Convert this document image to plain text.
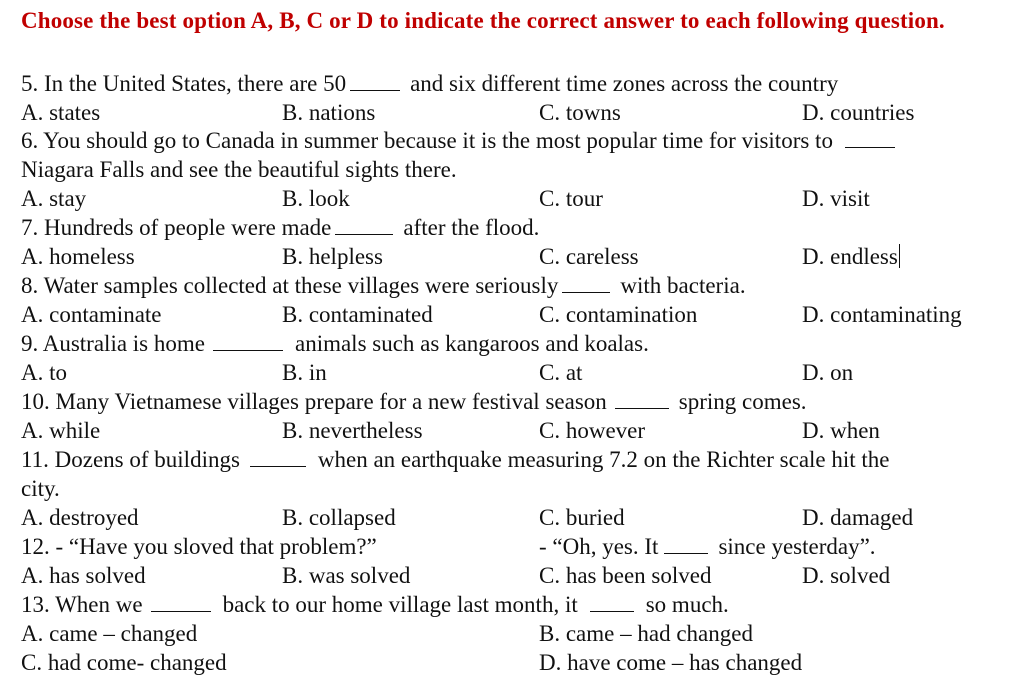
Choose the best option A, B, C or D to indicate the correct answer to each following question.
5. In the United States, there are 50	and six different time zones across the country
A. states	B. nations	C. towns	D. countries
6. You should go to Canada in summer because it is the most popular time for visitors to
Niagara Falls and see the beautiful sights there.
A. stay	B. look	C. tour	D. visit
7. Hundreds of people were made	after the flood.
A. homeless	B. helpless	C. careless	D. endless
8. Water samples collected at these villages were seriously	with bacteria.
A. contaminate	B. contaminated	C. contamination	D. contaminating
9. Australia is home	animals such as kangaroos and koalas.
A. to	B. in	C. at	D. on
10. Many Vietnamese villages prepare for a new festival season	spring comes.
A. while	B. nevertheless	C. however	D. when
11. Dozens of buildings	when an earthquake measuring 7.2 on the Richter scale hit the
city.
A. destroyed	B. collapsed	C. buried	D. damaged
12. - “Have you sloved that problem?”	- “Oh, yes. It	since yesterday”.
A. has solved	B. was solved	C. has been solved	D. solved
13. When we	back to our home village last month, it	so much.
A. came – changed	B. came – had changed
C. had come- changed	D. have come – has changed
